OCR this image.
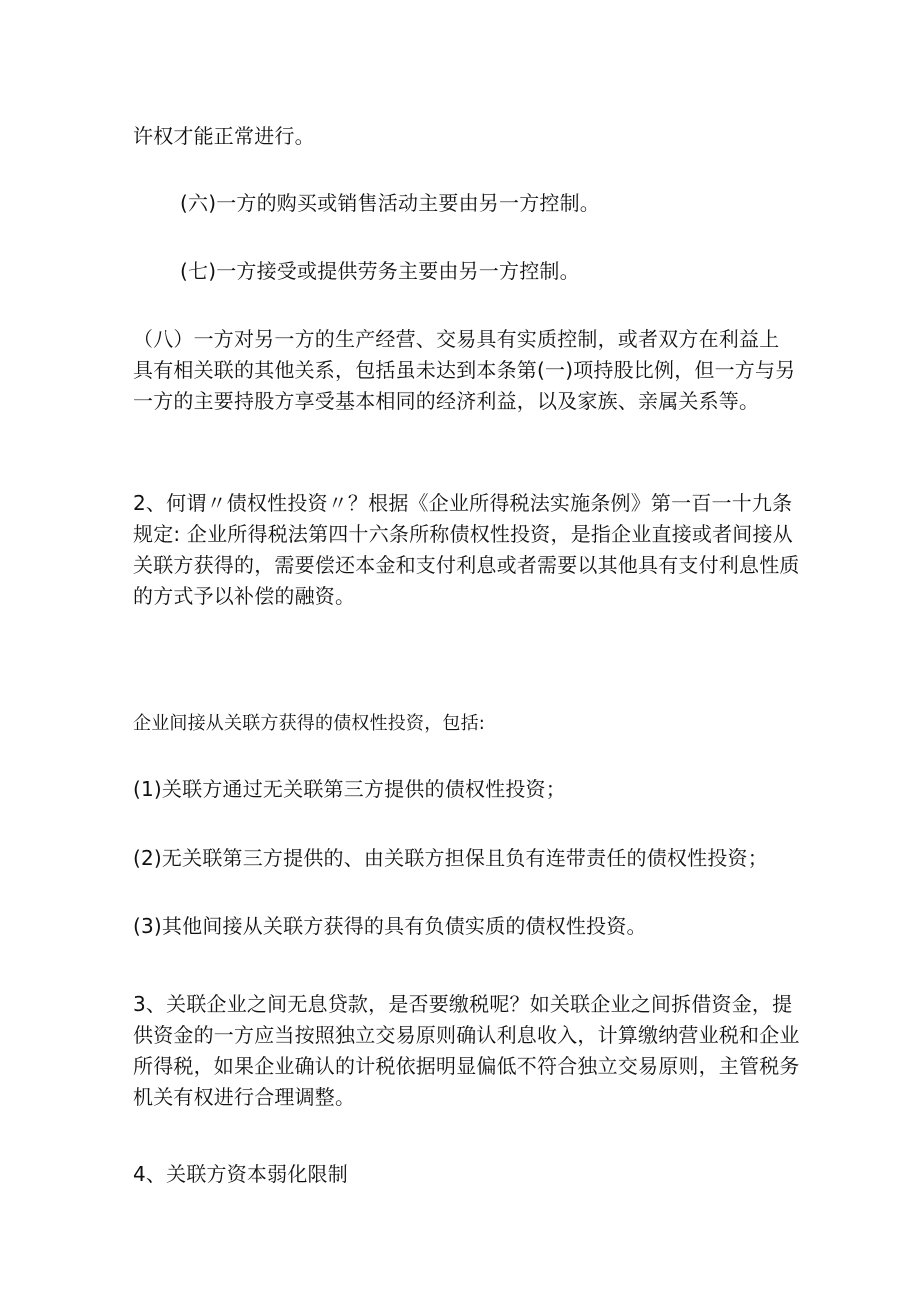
许权才能正常进行。

(六)一方的购买或销售活动主要由另一方控制。

(七)一方接受或提供劳务主要由另一方控制。

（八）一方对另一方的生产经营、交易具有实质控制，或者双方在利益上
具有相关联的其他关系，包括虽未达到本条第(一)项持股比例，但一方与另
一方的主要持股方享受基本相同的经济利益，以及家族、亲属关系等。

2、何谓〃债权性投资〃？根据《企业所得税法实施条例》第一百一十九条
规定: 企业所得税法第四十六条所称债权性投资，是指企业直接或者间接从
关联方获得的，需要偿还本金和支付利息或者需要以其他具有支付利息性质
的方式予以补偿的融资。

企业间接从关联方获得的债权性投资，包括:

(1)关联方通过无关联第三方提供的债权性投资；

(2)无关联第三方提供的、由关联方担保且负有连带责任的债权性投资；

(3)其他间接从关联方获得的具有负债实质的债权性投资。

3、关联企业之间无息贷款，是否要缴税呢？如关联企业之间拆借资金，提
供资金的一方应当按照独立交易原则确认利息收入，计算缴纳营业税和企业
所得税，如果企业确认的计税依据明显偏低不符合独立交易原则，主管税务
机关有权进行合理调整。

4、关联方资本弱化限制
